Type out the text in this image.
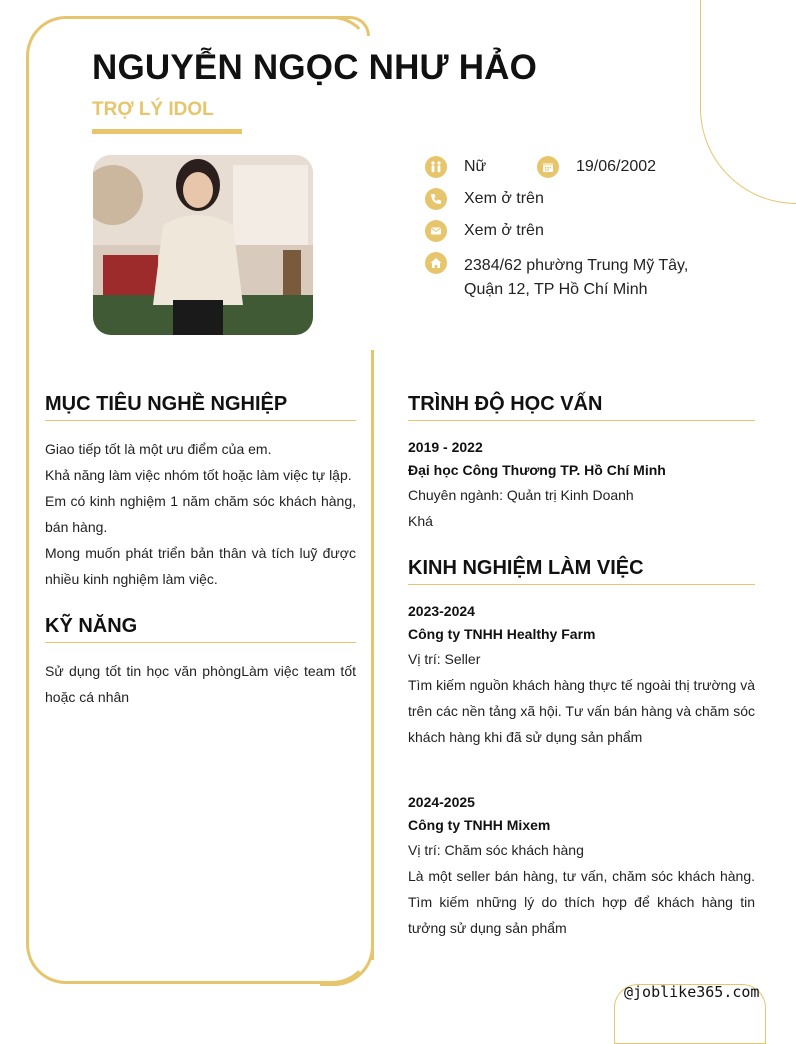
NGUYỄN NGỌC NHƯ HẢO
TRỢ LÝ IDOL
Nữ	19/06/2002
Xem ở trên
Xem ở trên
2384/62 phường Trung Mỹ Tây,
Quận 12, TP Hồ Chí Minh
MỤC TIÊU NGHỀ NGHIỆP

Giao tiếp tốt là một ưu điểm của em.

Khả năng làm việc nhóm tốt hoặc làm việc tự lập.

Em có kinh nghiệm 1 năm chăm sóc khách hàng, bán hàng.

Mong muốn phát triển bản thân và tích luỹ được nhiều kinh nghiệm làm việc.

KỸ NĂNG

Sử dụng tốt tin học văn phòngLàm việc team tốt hoặc cá nhân

TRÌNH ĐỘ HỌC VẤN
2019 - 2022
Đại học Công Thương TP. Hồ Chí Minh
Chuyên ngành: Quản trị Kinh Doanh
Khá
KINH NGHIỆM LÀM VIỆC
2023-2024
Công ty TNHH Healthy Farm
Vị trí: Seller

Tìm kiếm nguồn khách hàng thực tế ngoài thị trường và trên các nền tảng xã hội. Tư vấn bán hàng và chăm sóc khách hàng khi đã sử dụng sản phẩm

2024-2025
Công ty TNHH Mixem
Vị trí: Chăm sóc khách hàng

Là một seller bán hàng, tư vấn, chăm sóc khách hàng. Tìm kiếm những lý do thích hợp để khách hàng tin tưởng sử dụng sản phẩm

@joblike365.com
